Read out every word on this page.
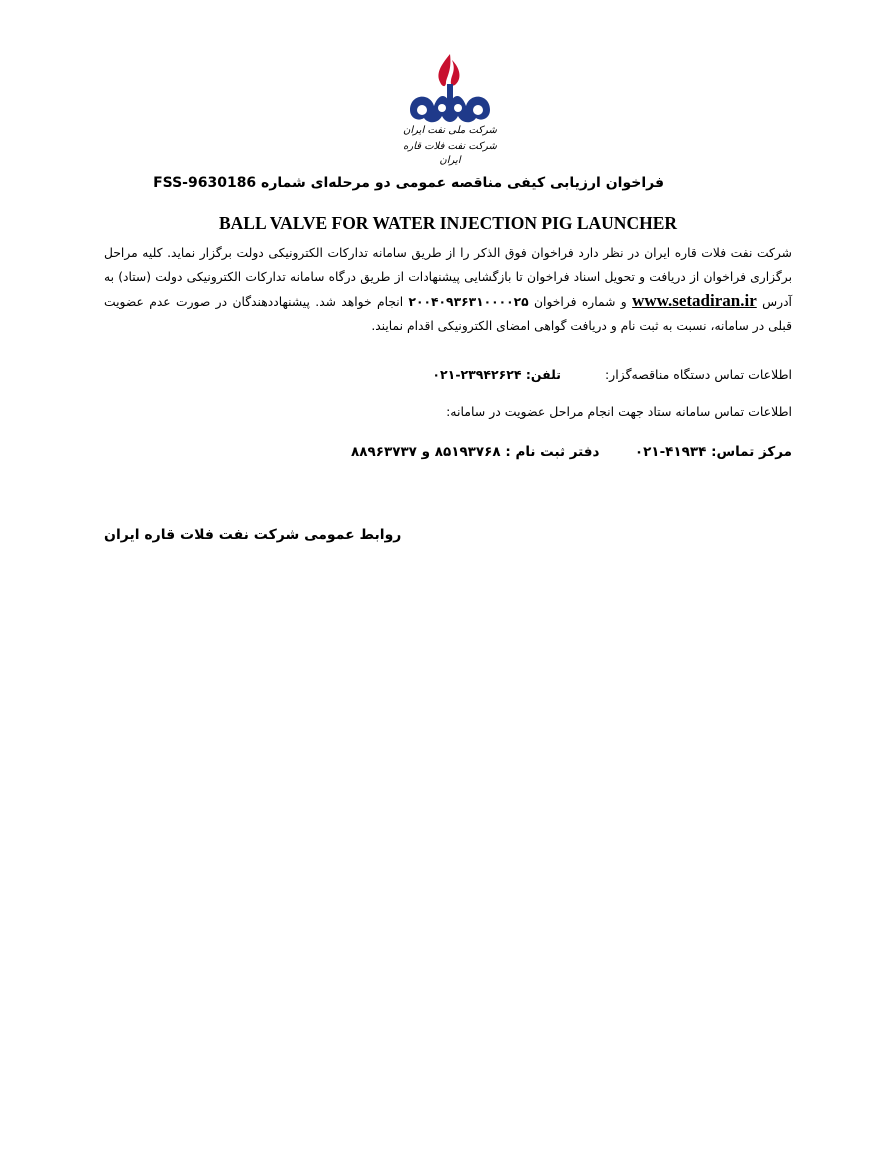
شرکت ملی نفت ایران
شرکت نفت فلات قاره ایران
فراخوان ارزیابی کیفی مناقصه عمومی دو مرحله‌ای شماره FSS-9630186
BALL VALVE FOR WATER INJECTION PIG LAUNCHER
شرکت نفت فلات قاره ایران در نظر دارد فراخوان فوق الذکر را از طریق سامانه تدارکات الکترونیکی دولت برگزار نماید. کلیه مراحل برگزاری فراخوان از دریافت و تحویل اسناد فراخوان تا بازگشایی پیشنهادات از طریق درگاه سامانه تدارکات الکترونیکی دولت (ستاد) به آدرس www.setadiran.ir و شماره فراخوان ۲۰۰۴۰۹۳۶۳۱۰۰۰۰۲۵ انجام خواهد شد. پیشنهاددهندگان در صورت عدم عضویت قبلی در سامانه، نسبت به ثبت نام و دریافت گواهی امضای الکترونیکی اقدام نمایند.
اطلاعات تماس دستگاه مناقصه‌گزار: تلفن: ۲۳۹۴۲۶۲۴-۰۲۱
اطلاعات تماس سامانه ستاد جهت انجام مراحل عضویت در سامانه:
مرکز تماس: ۴۱۹۳۴-۰۲۱  دفتر ثبت نام : ۸۵۱۹۳۷۶۸ و ۸۸۹۶۳۷۳۷
روابط عمومی شرکت نفت فلات قاره ایران
